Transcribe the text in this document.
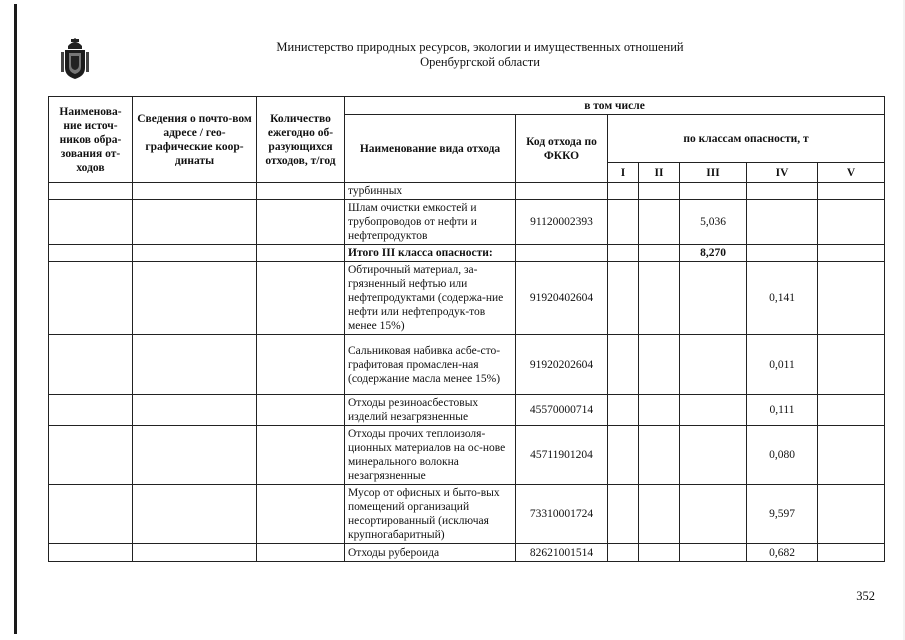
Министерство природных ресурсов, экологии и имущественных отношений
Оренбургской области
Наименова-ние источ-ников обра-зования от-ходов	Сведения о почто-вом адресе / гео-графические коор-динаты	Количество ежегодно об-разующихся отходов, т/год	в том числе						
			Наименование вида отхода	Код отхода по ФККО	по классам опасности, т				
					I	II	III	IV	V
			турбинных						
			Шлам очистки емкостей и трубопроводов от нефти и нефтепродуктов	91120002393			5,036		
			Итого III класса опасности:				8,270		
			Обтирочный материал, за-грязненный нефтью или нефтепродуктами (содержа-ние нефти или нефтепродук-тов менее 15%)	91920402604				0,141	
			Сальниковая набивка асбе-сто-графитовая промаслен-ная (содержание масла менее 15%)	91920202604				0,011	
			Отходы резиноасбестовых изделий незагрязненные	45570000714				0,111	
			Отходы прочих теплоизоля-ционных материалов на ос-нове минерального волокна незагрязненные	45711901204				0,080	
			Мусор от офисных и быто-вых помещений организаций несортированный (исключая крупногабаритный)	73310001724				9,597	
			Отходы рубероида	82621001514				0,682	
352
